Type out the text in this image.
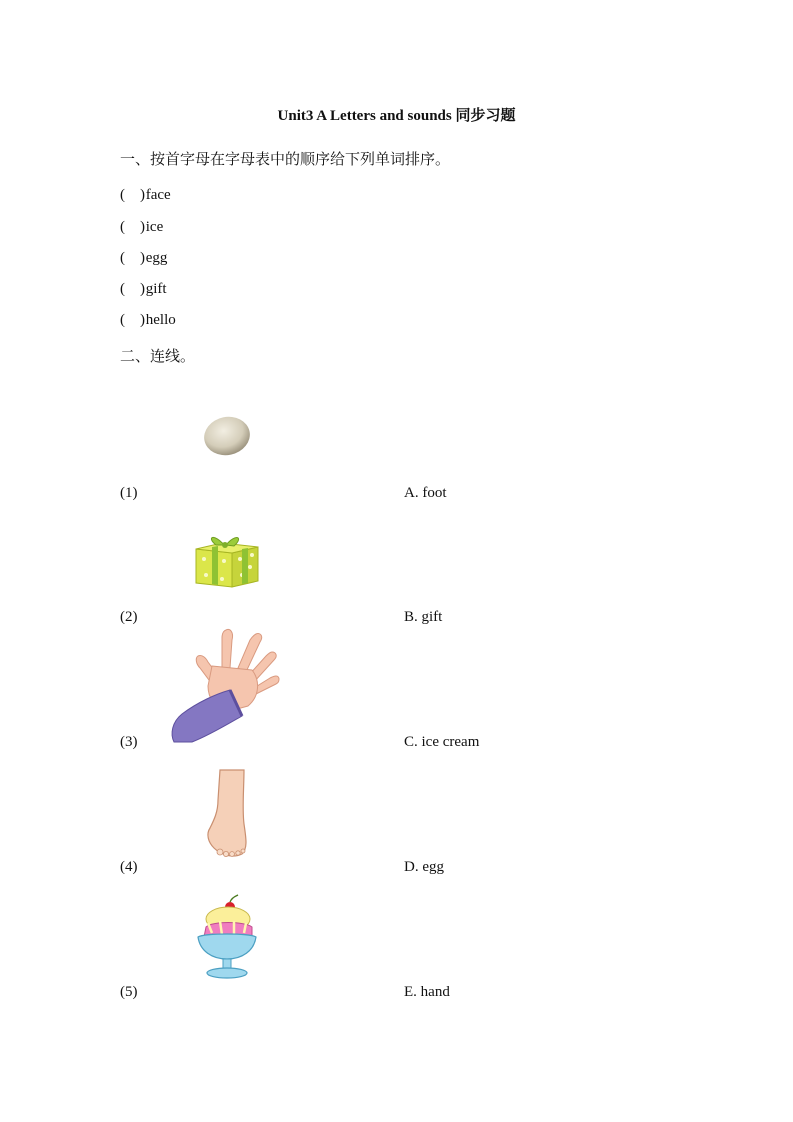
Unit3 A Letters and sounds 同步习题
一、按首字母在字母表中的顺序给下列单词排序。
(    ) face
(    ) ice
(    ) egg
(    ) gift
(    ) hello
二、连线。
(1)	A. foot
(2)	B. gift
(3)	C. ice cream
(4)	D. egg
(5)	E. hand
